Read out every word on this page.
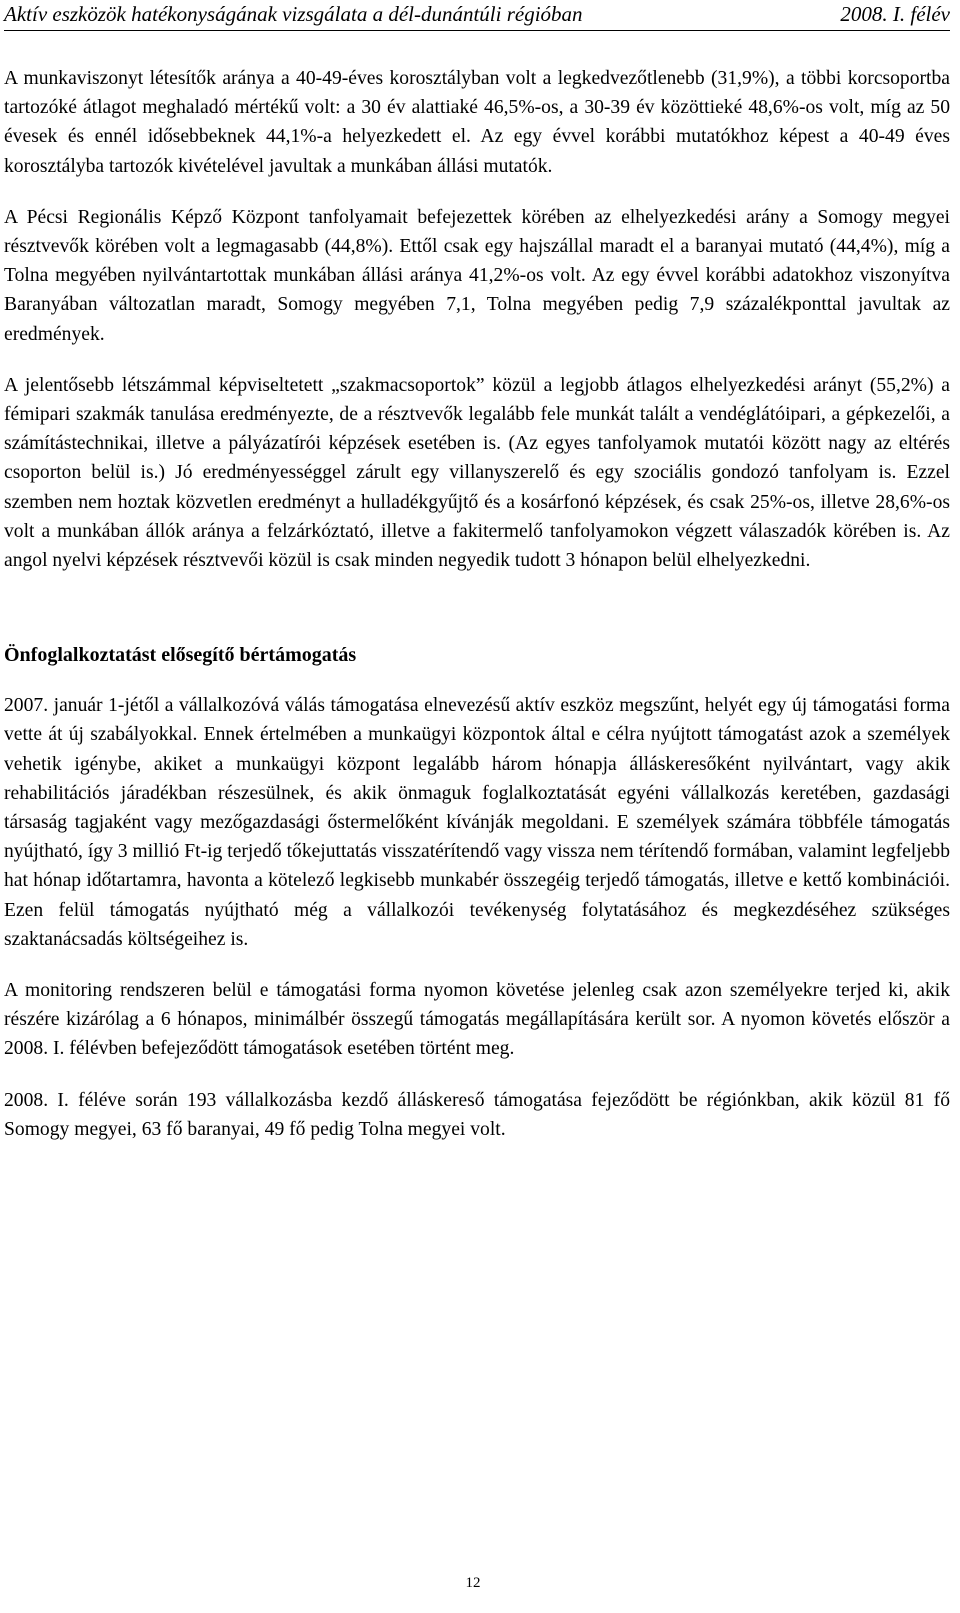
Aktív eszközök hatékonyságának vizsgálata a dél-dunántúli régióban	2008. I. félév

A munkaviszonyt létesítők aránya a 40-49-éves korosztályban volt a legkedvezőtlenebb (31,9%), a többi korcsoportba tartozóké átlagot meghaladó mértékű volt: a 30 év alattiaké 46,5%-os, a 30-39 év közöttieké 48,6%-os volt, míg az 50 évesek és ennél idősebbeknek 44,1%-a helyezkedett el. Az egy évvel korábbi mutatókhoz képest a 40-49 éves korosztályba tartozók kivételével javultak a munkában állási mutatók.

A Pécsi Regionális Képző Központ tanfolyamait befejezettek körében az elhelyezkedési arány a Somogy megyei résztvevők körében volt a legmagasabb (44,8%). Ettől csak egy hajszállal maradt el a baranyai mutató (44,4%), míg a Tolna megyében nyilvántartottak munkában állási aránya 41,2%-os volt. Az egy évvel korábbi adatokhoz viszonyítva Baranyában változatlan maradt, Somogy megyében 7,1, Tolna megyében pedig 7,9 százalékponttal javultak az eredmények.

A jelentősebb létszámmal képviseltetett „szakmacsoportok” közül a legjobb átlagos elhelyezkedési arányt (55,2%) a fémipari szakmák tanulása eredményezte, de a résztvevők legalább fele munkát talált a vendéglátóipari, a gépkezelői, a számítástechnikai, illetve a pályázatírói képzések esetében is. (Az egyes tanfolyamok mutatói között nagy az eltérés csoporton belül is.) Jó eredményességgel zárult egy villanyszerelő és egy szociális gondozó tanfolyam is. Ezzel szemben nem hoztak közvetlen eredményt a hulladékgyűjtő és a kosárfonó képzések, és csak 25%-os, illetve 28,6%-os volt a munkában állók aránya a felzárkóztató, illetve a fakitermelő tanfolyamokon végzett válaszadók körében is. Az angol nyelvi képzések résztvevői közül is csak minden negyedik tudott 3 hónapon belül elhelyezkedni.

Önfoglalkoztatást elősegítő bértámogatás

2007. január 1-jétől a vállalkozóvá válás támogatása elnevezésű aktív eszköz megszűnt, helyét egy új támogatási forma vette át új szabályokkal. Ennek értelmében a munkaügyi központok által e célra nyújtott támogatást azok a személyek vehetik igénybe, akiket a munkaügyi központ legalább három hónapja álláskeresőként nyilvántart, vagy akik rehabilitációs járadékban részesülnek, és akik önmaguk foglalkoztatását egyéni vállalkozás keretében, gazdasági társaság tagjaként vagy mezőgazdasági őstermelőként kívánják megoldani. E személyek számára többféle támogatás nyújtható, így 3 millió Ft-ig terjedő tőkejuttatás visszatérítendő vagy vissza nem térítendő formában, valamint legfeljebb hat hónap időtartamra, havonta a kötelező legkisebb munkabér összegéig terjedő támogatás, illetve e kettő kombinációi. Ezen felül támogatás nyújtható még a vállalkozói tevékenység folytatásához és megkezdéséhez szükséges szaktanácsadás költségeihez is.

A monitoring rendszeren belül e támogatási forma nyomon követése jelenleg csak azon személyekre terjed ki, akik részére kizárólag a 6 hónapos, minimálbér összegű támogatás megállapítására került sor. A nyomon követés először a 2008. I. félévben befejeződött támogatások esetében történt meg.

2008. I. féléve során 193 vállalkozásba kezdő álláskereső támogatása fejeződött be régiónkban, akik közül 81 fő Somogy megyei, 63 fő baranyai, 49 fő pedig Tolna megyei volt.

12
